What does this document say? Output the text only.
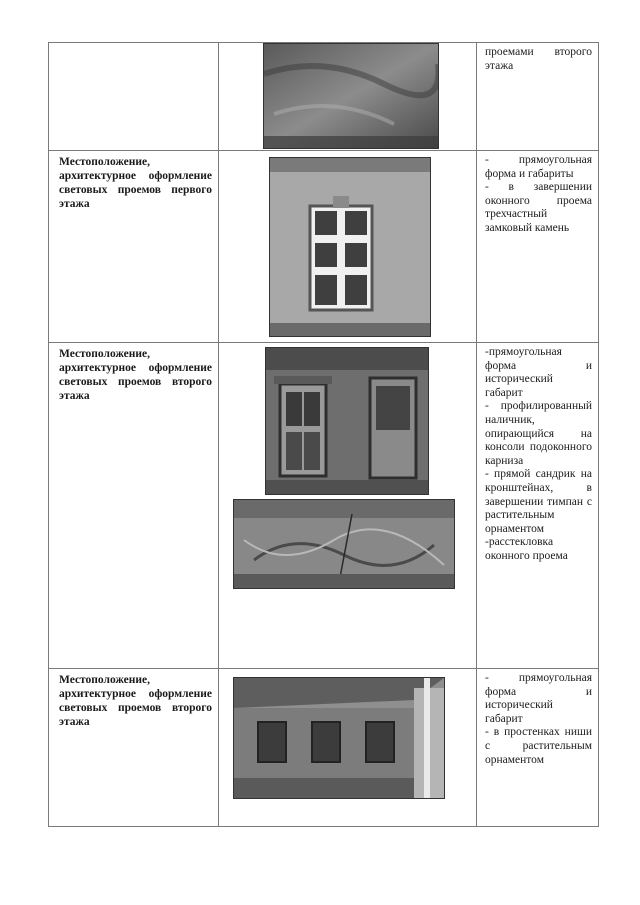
проемами второго этажа

Местоположение, архитектурное оформление световых проемов первого этажа		- прямоугольная форма и габариты

- в завершении оконного проема трехчастный замковый камень

Местоположение, архитектурное оформление световых проемов второго этажа		-прямоугольная форма и исторический габарит

- профилированный наличник, опирающийся на консоли подоконного карниза

- прямой сандрик на кронштейнах, в завершении тимпан с растительным орнаментом

-расстекловка оконного проема

Местоположение, архитектурное оформление световых проемов второго этажа		- прямоугольная форма и исторический габарит

- в простенках ниши с растительным орнаментом
